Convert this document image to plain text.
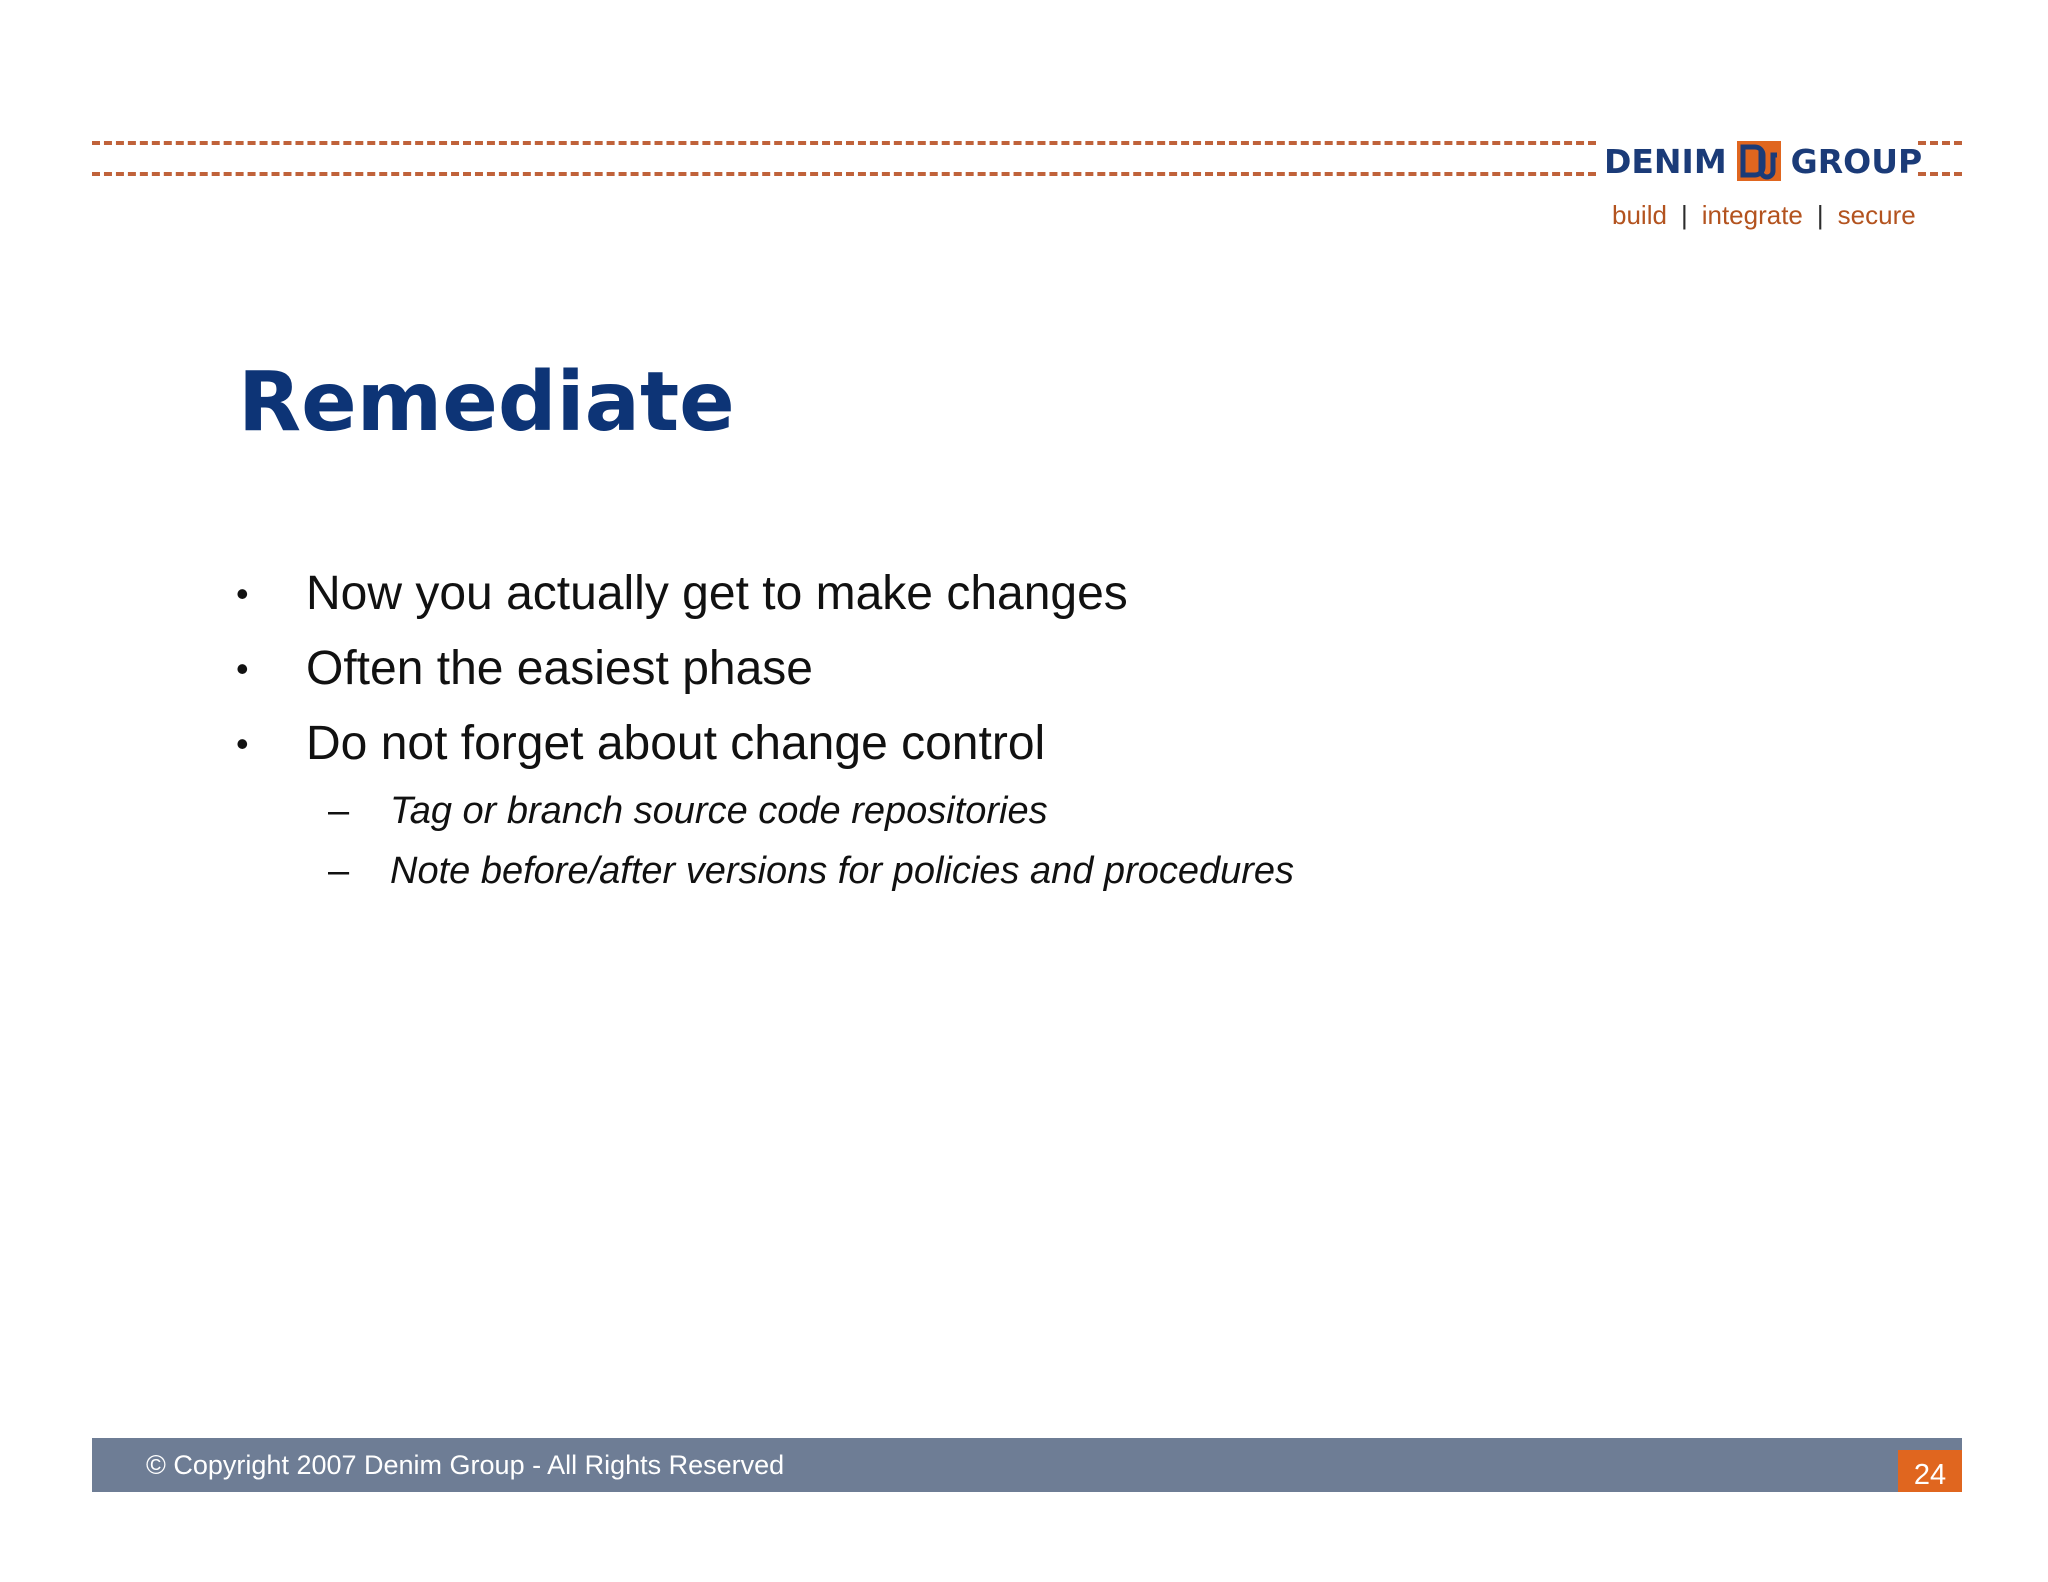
DENIM GROUP
build | integrate | secure
Remediate
• Now you actually get to make changes
• Often the easiest phase
• Do not forget about change control
– Tag or branch source code repositories
– Note before/after versions for policies and procedures
© Copyright 2007 Denim Group - All Rights Reserved	24
